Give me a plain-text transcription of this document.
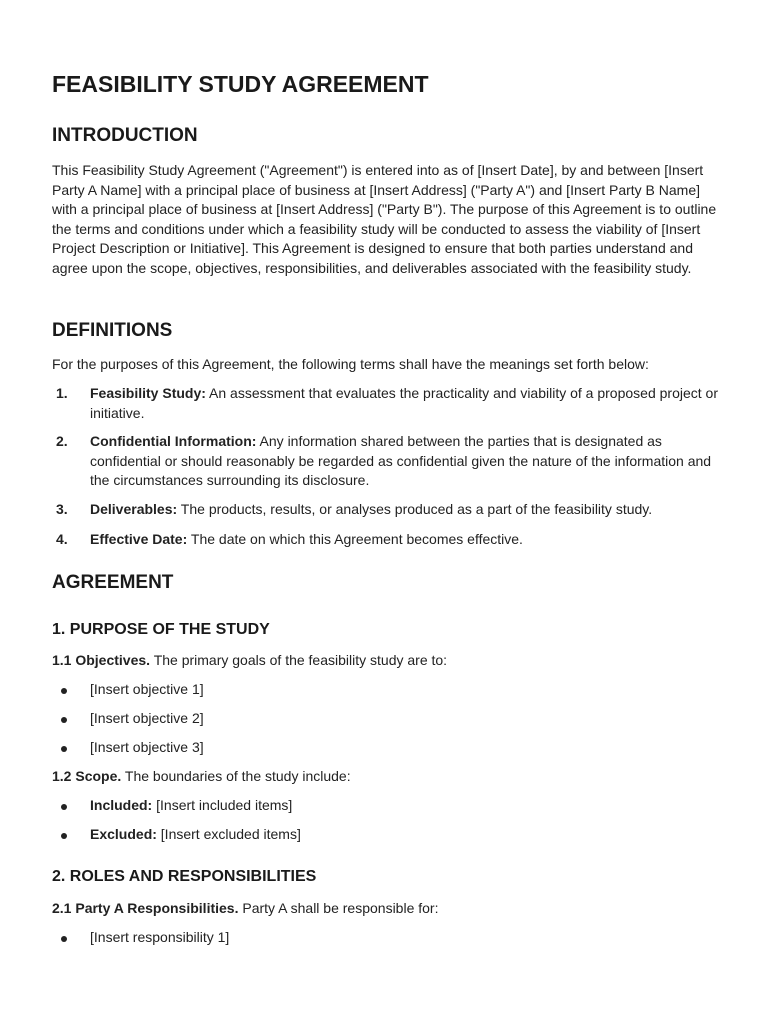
FEASIBILITY STUDY AGREEMENT
INTRODUCTION

This Feasibility Study Agreement ("Agreement") is entered into as of [Insert Date], by and between [Insert Party A Name] with a principal place of business at [Insert Address] ("Party A") and [Insert Party B Name] with a principal place of business at [Insert Address] ("Party B"). The purpose of this Agreement is to outline the terms and conditions under which a feasibility study will be conducted to assess the viability of [Insert Project Description or Initiative]. This Agreement is designed to ensure that both parties understand and agree upon the scope, objectives, responsibilities, and deliverables associated with the feasibility study.

DEFINITIONS

For the purposes of this Agreement, the following terms shall have the meanings set forth below:

1. Feasibility Study: An assessment that evaluates the practicality and viability of a proposed project or initiative.
2. Confidential Information: Any information shared between the parties that is designated as confidential or should reasonably be regarded as confidential given the nature of the information and the circumstances surrounding its disclosure.
3. Deliverables: The products, results, or analyses produced as a part of the feasibility study.
4. Effective Date: The date on which this Agreement becomes effective.
AGREEMENT
1. PURPOSE OF THE STUDY

1.1 Objectives. The primary goals of the feasibility study are to:

[Insert objective 1]
[Insert objective 2]
[Insert objective 3]

1.2 Scope. The boundaries of the study include:

Included: [Insert included items]
Excluded: [Insert excluded items]
2. ROLES AND RESPONSIBILITIES

2.1 Party A Responsibilities. Party A shall be responsible for:

[Insert responsibility 1]
